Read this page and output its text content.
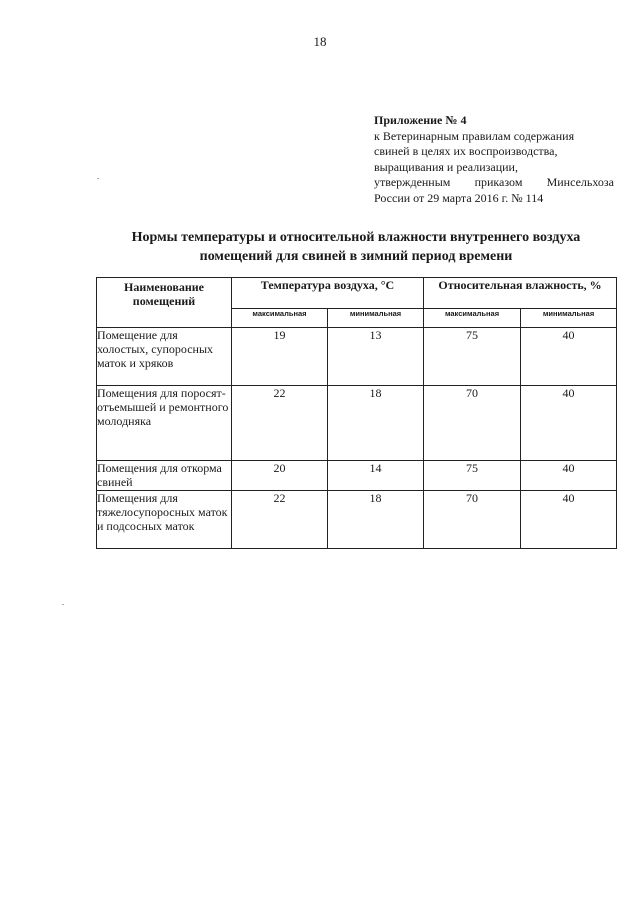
18
Приложение № 4
к Ветеринарным правилам содержания
свиней в целях их воспроизводства,
выращивания и реализации,
утвержденным приказом Минсельхоза
России от 29 марта 2016 г. № 114
Нормы температуры и относительной влажности внутреннего воздуха
помещений для свиней в зимний период времени
Наименование помещений	Температура воздуха, °С		Относительная влажность, %	
	максимальная	минимальная	максимальная	минимальная
Помещение для холостых, супоросных маток и хряков	19	13	75	40
Помещения для поросят-отъемышей и ремонтного молодняка	22	18	70	40
Помещения для откорма свиней	20	14	75	40
Помещения для тяжелосупоросных маток и подсосных маток	22	18	70	40
